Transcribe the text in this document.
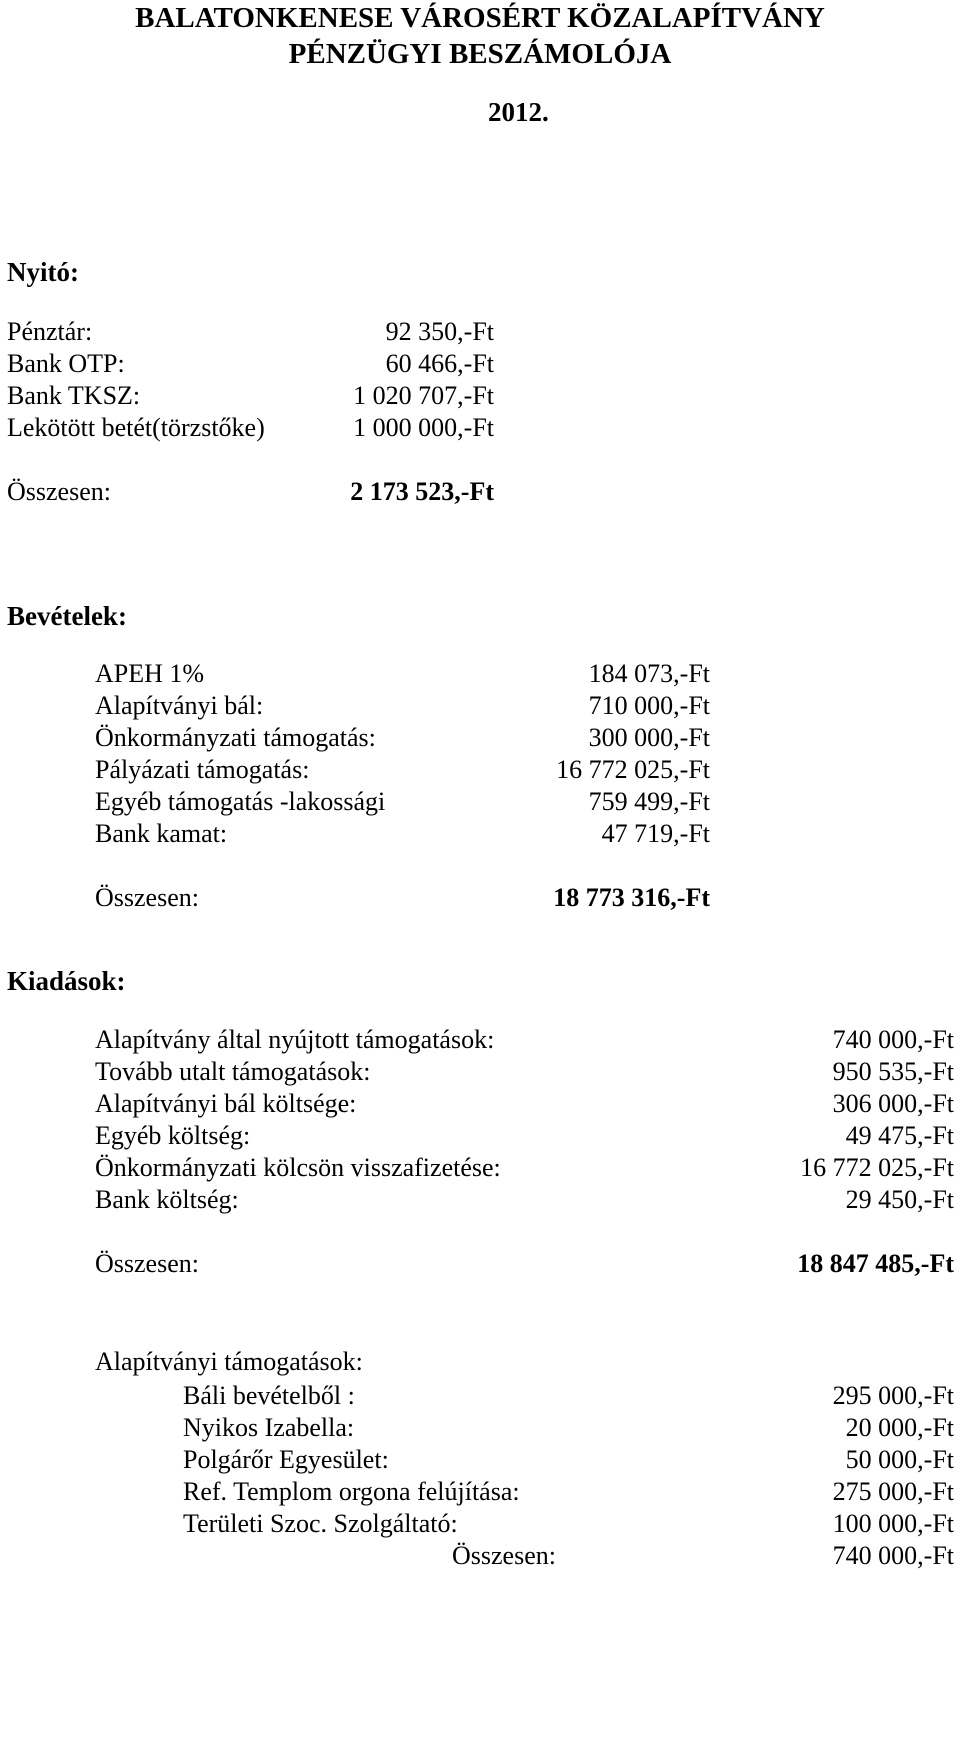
BALATONKENESE VÁROSÉRT KÖZALAPÍTVÁNY
PÉNZÜGYI BESZÁMOLÓJA
2012.
Nyitó:
Pénztár:	92 350,-Ft
Bank OTP:	60 466,-Ft
Bank TKSZ:	1 020 707,-Ft
Lekötött betét(törzstőke)	1 000 000,-Ft
Összesen:	2 173 523,-Ft
Bevételek:
APEH 1%	184 073,-Ft
Alapítványi bál:	710 000,-Ft
Önkormányzati támogatás:	300 000,-Ft
Pályázati támogatás:	16 772 025,-Ft
Egyéb támogatás -lakossági	759 499,-Ft
Bank kamat:	47 719,-Ft
Összesen:	18 773 316,-Ft
Kiadások:
Alapítvány által nyújtott támogatások:	740 000,-Ft
Tovább utalt támogatások:	950 535,-Ft
Alapítványi bál költsége:	306 000,-Ft
Egyéb költség:	49 475,-Ft
Önkormányzati kölcsön visszafizetése:	16 772 025,-Ft
Bank költség:	29 450,-Ft
Összesen:	18 847 485,-Ft
Alapítványi támogatások:
Báli bevételből :	295 000,-Ft
Nyikos Izabella:	20 000,-Ft
Polgárőr Egyesület:	50 000,-Ft
Ref. Templom orgona felújítása:	275 000,-Ft
Területi Szoc. Szolgáltató:	100 000,-Ft
Összesen:	740 000,-Ft
